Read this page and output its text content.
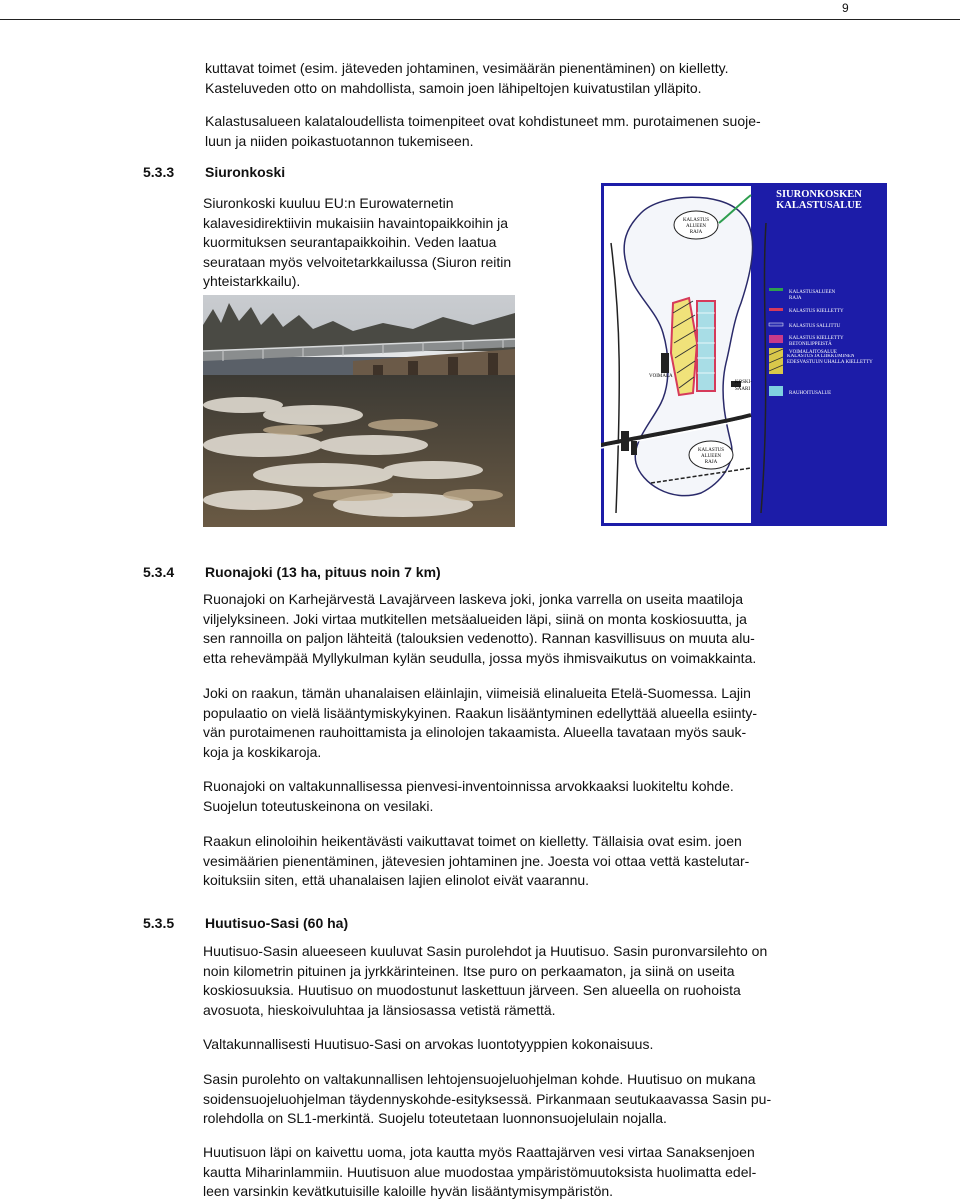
9

kuttavat toimet (esim. jäteveden johtaminen, vesimäärän pienentäminen) on kielletty.
Kasteluveden otto on mahdollista, samoin joen lähipeltojen kuivatustilan ylläpito.

Kalastusalueen kalataloudellista toimenpiteet ovat kohdistuneet mm. purotaimenen suoje-
luun ja niiden poikastuotannon tukemiseen.

5.3.3 Siuronkoski

Siuronkoski kuuluu EU:n Eurowaternetin
kalavesidirektiivin mukaisiin havaintopaikkoihin ja
kuormituksen seurantapaikkoihin. Veden laatua
seurataan myös velvoitetarkkailussa (Siuron reitin
yhteistarkkailu).

KALASTUS
ALUEEN
RAJA
KALASTUS
ALUEEN
RAJA
VOIMALA
KOSKI-
SAARI
SIURONKOSKEN
KALASTUSALUE
KALASTUSALUEEN
RAJA
KALASTUS KIELLETTY
KALASTUS SALLITTU
KALASTUS KIELLETTY
BETONILIPPEISTÄ
VOIMALAITOSALUE
KALASTUS JA LIIKKUMINEN EDESVASTUUN UHALLA KIELLETTY
RAUHOITUSALUE
5.3.4 Ruonajoki (13 ha, pituus noin 7 km)

Ruonajoki on Karhejärvestä Lavajärveen laskeva joki, jonka varrella on useita maatiloja
viljelyksineen. Joki virtaa mutkitellen metsäalueiden läpi, siinä on monta koskiosuutta, ja
sen rannoilla on paljon lähteitä (talouksien vedenotto). Rannan kasvillisuus on muuta alu-
etta rehevämpää Myllykulman kylän seudulla, jossa myös ihmisvaikutus on voimakkainta.

Joki on raakun, tämän uhanalaisen eläinlajin, viimeisiä elinalueita Etelä-Suomessa. Lajin
populaatio on vielä lisääntymiskykyinen. Raakun lisääntyminen edellyttää alueella esiinty-
vän purotaimenen rauhoittamista ja elinolojen takaamista. Alueella tavataan myös sauk-
koja ja koskikaroja.

Ruonajoki on valtakunnallisessa pienvesi-inventoinnissa arvokkaaksi luokiteltu kohde.
Suojelun toteutuskeinona on vesilaki.

Raakun elinoloihin heikentävästi vaikuttavat toimet on kielletty. Tällaisia ovat esim. joen
vesimäärien pienentäminen, jätevesien johtaminen jne. Joesta voi ottaa vettä kastelutar-
koituksiin siten, että uhanalaisen lajien elinolot eivät vaarannu.

5.3.5 Huutisuo-Sasi (60 ha)

Huutisuo-Sasin alueeseen kuuluvat Sasin purolehdot ja Huutisuo. Sasin puronvarsilehto on
noin kilometrin pituinen ja jyrkkärinteinen. Itse puro on perkaamaton, ja siinä on useita
koskiosuuksia. Huutisuo on muodostunut laskettuun järveen. Sen alueella on ruohoista
avosuota, hieskoivuluhtaa ja länsiosassa vetistä rämettä.

Valtakunnallisesti Huutisuo-Sasi on arvokas luontotyyppien kokonaisuus.

Sasin purolehto on valtakunnallisen lehtojensuojeluohjelman kohde. Huutisuo on mukana
soidensuojeluohjelman täydennyskohde-esityksessä. Pirkanmaan seutukaavassa Sasin pu-
rolehdolla on SL1-merkintä. Suojelu toteutetaan luonnonsuojelulain nojalla.

Huutisuon läpi on kaivettu uoma, jota kautta myös Raattajärven vesi virtaa Sanaksenjoen
kautta Miharinlammiin. Huutisuon alue muodostaa ympäristömuutoksista huolimatta edel-
leen varsinkin kevätkutuisille kaloille hyvän lisääntymisympäristön.
